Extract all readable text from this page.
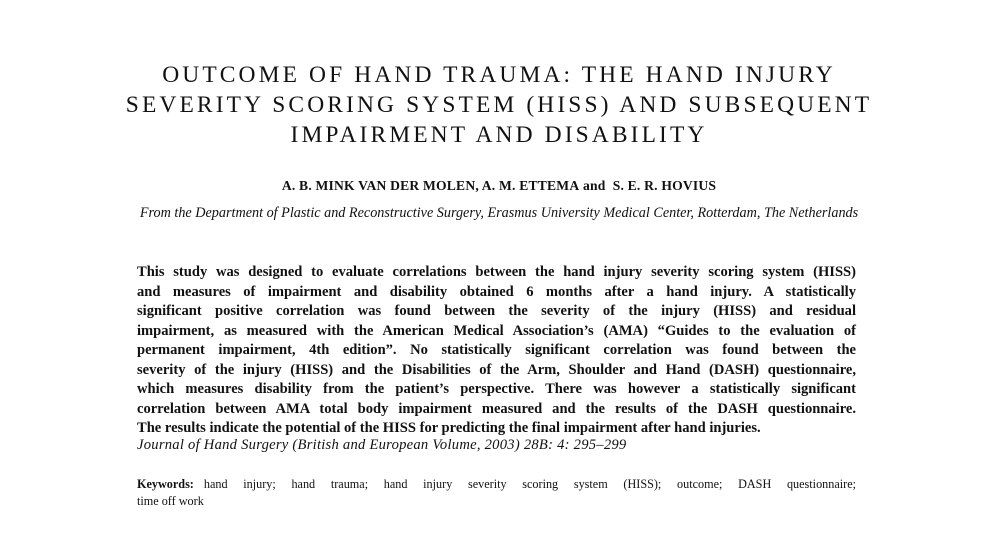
OUTCOME OF HAND TRAUMA: THE HAND INJURY
SEVERITY SCORING SYSTEM (HISS) AND SUBSEQUENT
IMPAIRMENT AND DISABILITY
A. B. MINK VAN DER MOLEN, A. M. ETTEMA and S. E. R. HOVIUS
From the Department of Plastic and Reconstructive Surgery, Erasmus University Medical Center, Rotterdam, The Netherlands
This study was designed to evaluate correlations between the hand injury severity scoring system (HISS)
and measures of impairment and disability obtained 6 months after a hand injury. A statistically
significant positive correlation was found between the severity of the injury (HISS) and residual
impairment, as measured with the American Medical Association’s (AMA) “Guides to the evaluation of
permanent impairment, 4th edition”. No statistically significant correlation was found between the
severity of the injury (HISS) and the Disabilities of the Arm, Shoulder and Hand (DASH) questionnaire,
which measures disability from the patient’s perspective. There was however a statistically significant
correlation between AMA total body impairment measured and the results of the DASH questionnaire.
The results indicate the potential of the HISS for predicting the final impairment after hand injuries.
Journal of Hand Surgery (British and European Volume, 2003) 28B: 4: 295–299
Keywords: hand injury; hand trauma; hand injury severity scoring system (HISS); outcome; DASH questionnaire;
time off work
